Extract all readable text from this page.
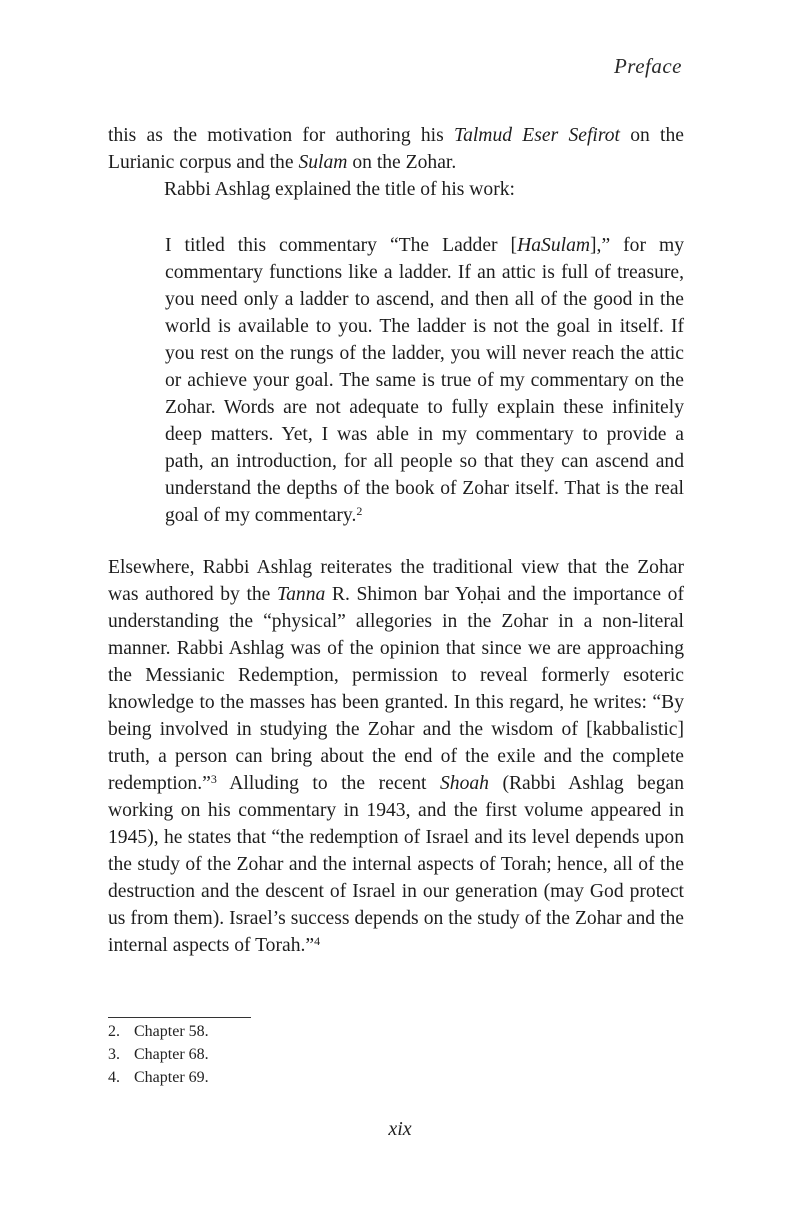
Preface
this as the motivation for authoring his Talmud Eser Sefirot on the Lurianic corpus and the Sulam on the Zohar.
Rabbi Ashlag explained the title of his work:

I titled this commentary “The Ladder [HaSulam],” for my commentary functions like a ladder. If an attic is full of treasure, you need only a ladder to ascend, and then all of the good in the world is available to you. The ladder is not the goal in itself. If you rest on the rungs of the ladder, you will never reach the attic or achieve your goal. The same is true of my commentary on the Zohar. Words are not adequate to fully explain these infinitely deep matters. Yet, I was able in my commentary to provide a path, an introduction, for all people so that they can ascend and understand the depths of the book of Zohar itself. That is the real goal of my commentary.$^2$

Elsewhere, Rabbi Ashlag reiterates the traditional view that the Zohar was authored by the Tanna R. Shimon bar Yoḥai and the importance of understanding the “physical” allegories in the Zohar in a non-literal manner. Rabbi Ashlag was of the opinion that since we are approaching the Messianic Redemption, permission to reveal formerly esoteric knowledge to the masses has been granted. In this regard, he writes: “By being involved in studying the Zohar and the wisdom of [kabbalistic] truth, a person can bring about the end of the exile and the complete redemption.”$^3$ Alluding to the recent Shoah (Rabbi Ashlag began working on his commentary in 1943, and the first volume appeared in 1945), he states that “the redemption of Israel and its level depends upon the study of the Zohar and the internal aspects of Torah; hence, all of the destruction and the descent of Israel in our generation (may God protect us from them). Israel’s success depends on the study of the Zohar and the internal aspects of Torah.”$^4$

2. Chapter 58.
3. Chapter 68.
4. Chapter 69.
xix
